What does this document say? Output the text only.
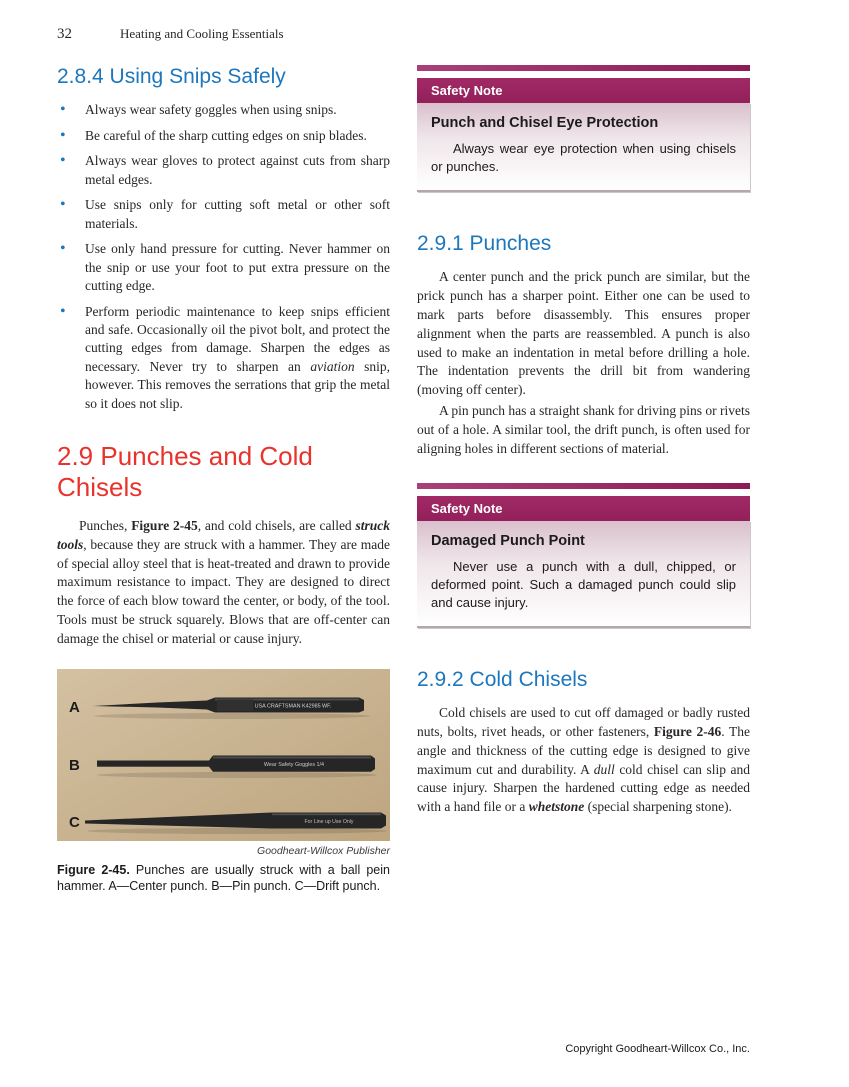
32	Heating and Cooling Essentials
2.8.4 Using Snips Safely
• Always wear safety goggles when using snips.
• Be careful of the sharp cutting edges on snip blades.
• Always wear gloves to protect against cuts from sharp metal edges.
• Use snips only for cutting soft metal or other soft materials.
• Use only hand pressure for cutting. Never hammer on the snip or use your foot to put extra pressure on the cutting edge.
• Perform periodic maintenance to keep snips efficient and safe. Occasionally oil the pivot bolt, and protect the cutting edges from damage. Sharpen the edges as necessary. Never try to sharpen an aviation snip, however. This removes the serrations that grip the metal so it does not slip.
2.9 Punches and Cold Chisels

Punches, Figure 2-45, and cold chisels, are called struck tools, because they are struck with a hammer. They are made of special alloy steel that is heat-treated and drawn to provide maximum resistance to impact. They are designed to direct the force of each blow toward the center, or body, of the tool. Tools must be struck squarely. Blows that are off-center can damage the chisel or material or cause injury.

USA CRAFTSMAN K42985 WF.
Wear Safety Goggles 1/4
For Line up Use Only
A
B
C
Goodheart-Willcox Publisher
Figure 2-45. Punches are usually struck with a ball pein hammer. A—Center punch. B—Pin punch. C—Drift punch.
Safety Note
Punch and Chisel Eye Protection

Always wear eye protection when using chisels or punches.

2.9.1 Punches

A center punch and the prick punch are similar, but the prick punch has a sharper point. Either one can be used to mark parts before disassembly. This ensures proper alignment when the parts are reassembled. A punch is also used to make an indentation in metal before drilling a hole. The indentation prevents the drill bit from wandering (moving off center).

A pin punch has a straight shank for driving pins or rivets out of a hole. A similar tool, the drift punch, is often used for aligning holes in different sections of material.

Safety Note
Damaged Punch Point

Never use a punch with a dull, chipped, or deformed point. Such a damaged punch could slip and cause injury.

2.9.2 Cold Chisels

Cold chisels are used to cut off damaged or badly rusted nuts, bolts, rivet heads, or other fasteners, Figure 2-46. The angle and thickness of the cutting edge is designed to give maximum cut and durability. A dull cold chisel can slip and cause injury. Sharpen the hardened cutting edge as needed with a hand file or a whetstone (special sharpening stone).

Copyright Goodheart-Willcox Co., Inc.
